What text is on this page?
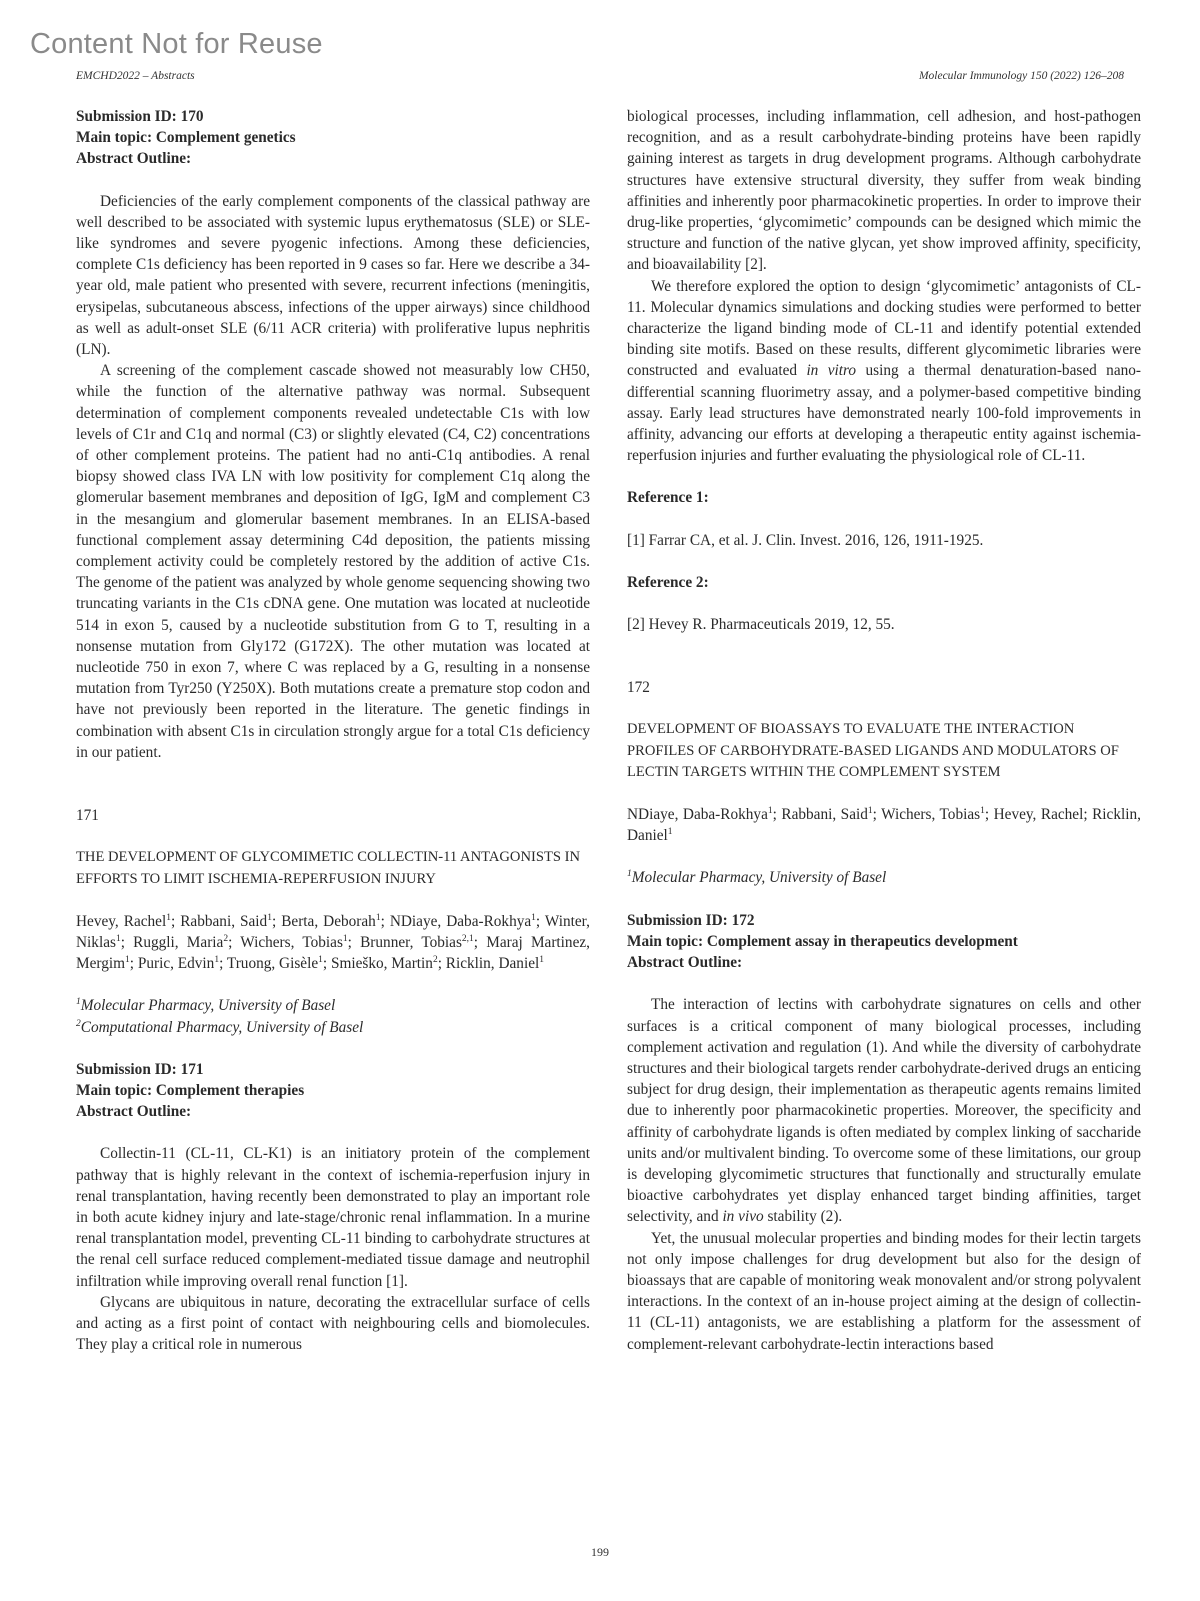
Content Not for Reuse
EMCHD2022 – Abstracts	Molecular Immunology 150 (2022) 126–208

Submission ID: 170

Main topic: Complement genetics

Abstract Outline:

Deficiencies of the early complement components of the classical pathway are well described to be associated with systemic lupus erythematosus (SLE) or SLE-like syndromes and severe pyogenic infections. Among these deficiencies, complete C1s deficiency has been reported in 9 cases so far. Here we describe a 34-year old, male patient who presented with severe, recurrent infections (meningitis, erysipelas, subcutaneous abscess, infections of the upper airways) since childhood as well as adult-onset SLE (6/11 ACR criteria) with proliferative lupus nephritis (LN).

A screening of the complement cascade showed not measurably low CH50, while the function of the alternative pathway was normal. Subsequent determination of complement components revealed undetectable C1s with low levels of C1r and C1q and normal (C3) or slightly elevated (C4, C2) concentrations of other complement proteins. The patient had no anti-C1q antibodies. A renal biopsy showed class IVA LN with low positivity for complement C1q along the glomerular basement membranes and deposition of IgG, IgM and complement C3 in the mesangium and glomerular basement membranes. In an ELISA-based functional complement assay determining C4d deposition, the patients missing complement activity could be completely restored by the addition of active C1s. The genome of the patient was analyzed by whole genome sequencing showing two truncating variants in the C1s cDNA gene. One mutation was located at nucleotide 514 in exon 5, caused by a nucleotide substitution from G to T, resulting in a nonsense mutation from Gly172 (G172X). The other mutation was located at nucleotide 750 in exon 7, where C was replaced by a G, resulting in a nonsense mutation from Tyr250 (Y250X). Both mutations create a premature stop codon and have not previously been reported in the literature. The genetic findings in combination with absent C1s in circulation strongly argue for a total C1s deficiency in our patient.

171

THE DEVELOPMENT OF GLYCOMIMETIC COLLECTIN-11 ANTAGONISTS IN EFFORTS TO LIMIT ISCHEMIA-REPERFUSION INJURY

Hevey, Rachel$^1$; Rabbani, Said$^1$; Berta, Deborah$^1$; NDiaye, Daba-Rokhya$^1$; Winter, Niklas$^1$; Ruggli, Maria$^2$; Wichers, Tobias$^1$; Brunner, Tobias$^{2,1}$; Maraj Martinez, Mergim$^1$; Puric, Edvin$^1$; Truong, Gisèle$^1$; Smieško, Martin$^2$; Ricklin, Daniel$^1$

$^1$Molecular Pharmacy, University of Basel

$^2$Computational Pharmacy, University of Basel

Submission ID: 171

Main topic: Complement therapies

Abstract Outline:

Collectin-11 (CL-11, CL-K1) is an initiatory protein of the complement pathway that is highly relevant in the context of ischemia-reperfusion injury in renal transplantation, having recently been demonstrated to play an important role in both acute kidney injury and late-stage/chronic renal inflammation. In a murine renal transplantation model, preventing CL-11 binding to carbohydrate structures at the renal cell surface reduced complement-mediated tissue damage and neutrophil infiltration while improving overall renal function [1].

Glycans are ubiquitous in nature, decorating the extracellular surface of cells and acting as a first point of contact with neighbouring cells and biomolecules. They play a critical role in numerous

biological processes, including inflammation, cell adhesion, and host-pathogen recognition, and as a result carbohydrate-binding proteins have been rapidly gaining interest as targets in drug development programs. Although carbohydrate structures have extensive structural diversity, they suffer from weak binding affinities and inherently poor pharmacokinetic properties. In order to improve their drug-like properties, ‘glycomimetic’ compounds can be designed which mimic the structure and function of the native glycan, yet show improved affinity, specificity, and bioavailability [2].

We therefore explored the option to design ‘glycomimetic’ antagonists of CL-11. Molecular dynamics simulations and docking studies were performed to better characterize the ligand binding mode of CL-11 and identify potential extended binding site motifs. Based on these results, different glycomimetic libraries were constructed and evaluated in vitro using a thermal denaturation-based nano-differential scanning fluorimetry assay, and a polymer-based competitive binding assay. Early lead structures have demonstrated nearly 100-fold improvements in affinity, advancing our efforts at developing a therapeutic entity against ischemia-reperfusion injuries and further evaluating the physiological role of CL-11.

Reference 1:

[1] Farrar CA, et al. J. Clin. Invest. 2016, 126, 1911-1925.

Reference 2:

[2] Hevey R. Pharmaceuticals 2019, 12, 55.

172

DEVELOPMENT OF BIOASSAYS TO EVALUATE THE INTERACTION PROFILES OF CARBOHYDRATE-BASED LIGANDS AND MODULATORS OF LECTIN TARGETS WITHIN THE COMPLEMENT SYSTEM

NDiaye, Daba-Rokhya$^1$; Rabbani, Said$^1$; Wichers, Tobias$^1$; Hevey, Rachel; Ricklin, Daniel$^1$

$^1$Molecular Pharmacy, University of Basel

Submission ID: 172

Main topic: Complement assay in therapeutics development

Abstract Outline:

The interaction of lectins with carbohydrate signatures on cells and other surfaces is a critical component of many biological processes, including complement activation and regulation (1). And while the diversity of carbohydrate structures and their biological targets render carbohydrate-derived drugs an enticing subject for drug design, their implementation as therapeutic agents remains limited due to inherently poor pharmacokinetic properties. Moreover, the specificity and affinity of carbohydrate ligands is often mediated by complex linking of saccharide units and/or multivalent binding. To overcome some of these limitations, our group is developing glycomimetic structures that functionally and structurally emulate bioactive carbohydrates yet display enhanced target binding affinities, target selectivity, and in vivo stability (2).

Yet, the unusual molecular properties and binding modes for their lectin targets not only impose challenges for drug development but also for the design of bioassays that are capable of monitoring weak monovalent and/or strong polyvalent interactions. In the context of an in-house project aiming at the design of collectin-11 (CL-11) antagonists, we are establishing a platform for the assessment of complement-relevant carbohydrate-lectin interactions based

199
